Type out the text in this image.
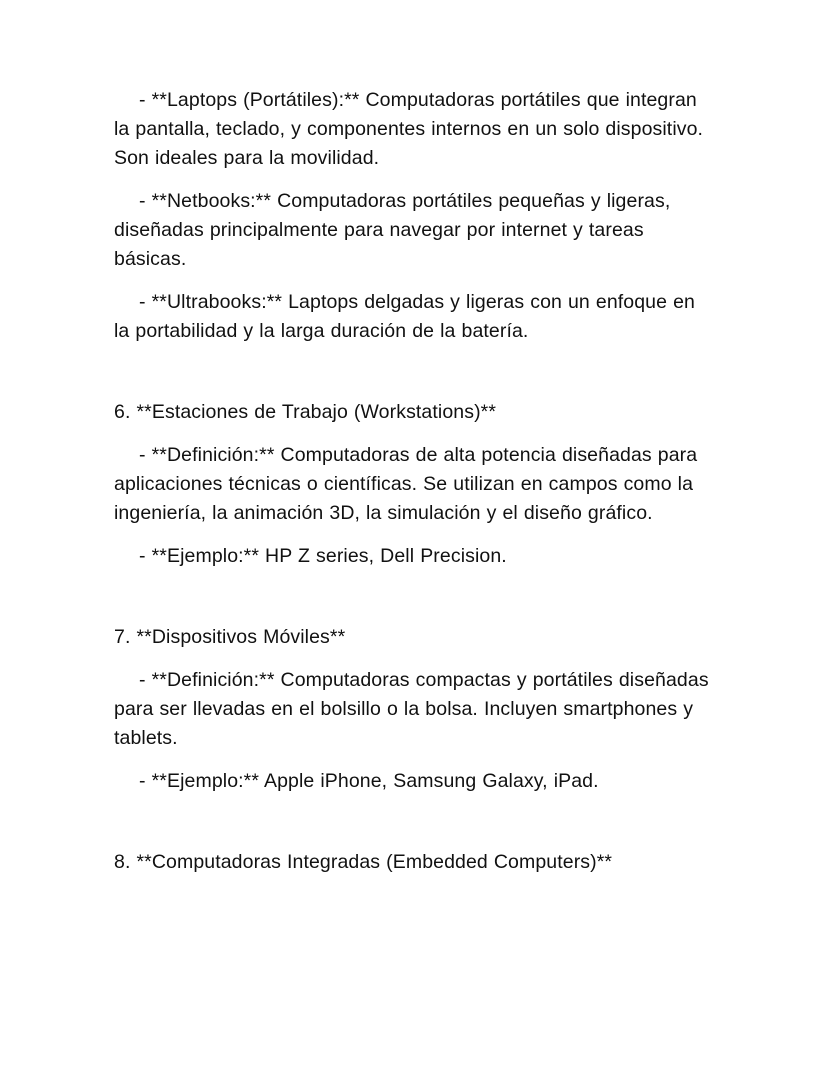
- **Laptops (Portátiles):** Computadoras portátiles que integran la pantalla, teclado, y componentes internos en un solo dispositivo. Son ideales para la movilidad.

- **Netbooks:** Computadoras portátiles pequeñas y ligeras, diseñadas principalmente para navegar por internet y tareas básicas.

- **Ultrabooks:** Laptops delgadas y ligeras con un enfoque en la portabilidad y la larga duración de la batería.

6. **Estaciones de Trabajo (Workstations)**

- **Definición:** Computadoras de alta potencia diseñadas para aplicaciones técnicas o científicas. Se utilizan en campos como la ingeniería, la animación 3D, la simulación y el diseño gráfico.

- **Ejemplo:** HP Z series, Dell Precision.

7. **Dispositivos Móviles**

- **Definición:** Computadoras compactas y portátiles diseñadas para ser llevadas en el bolsillo o la bolsa. Incluyen smartphones y tablets.

- **Ejemplo:** Apple iPhone, Samsung Galaxy, iPad.

8. **Computadoras Integradas (Embedded Computers)**
